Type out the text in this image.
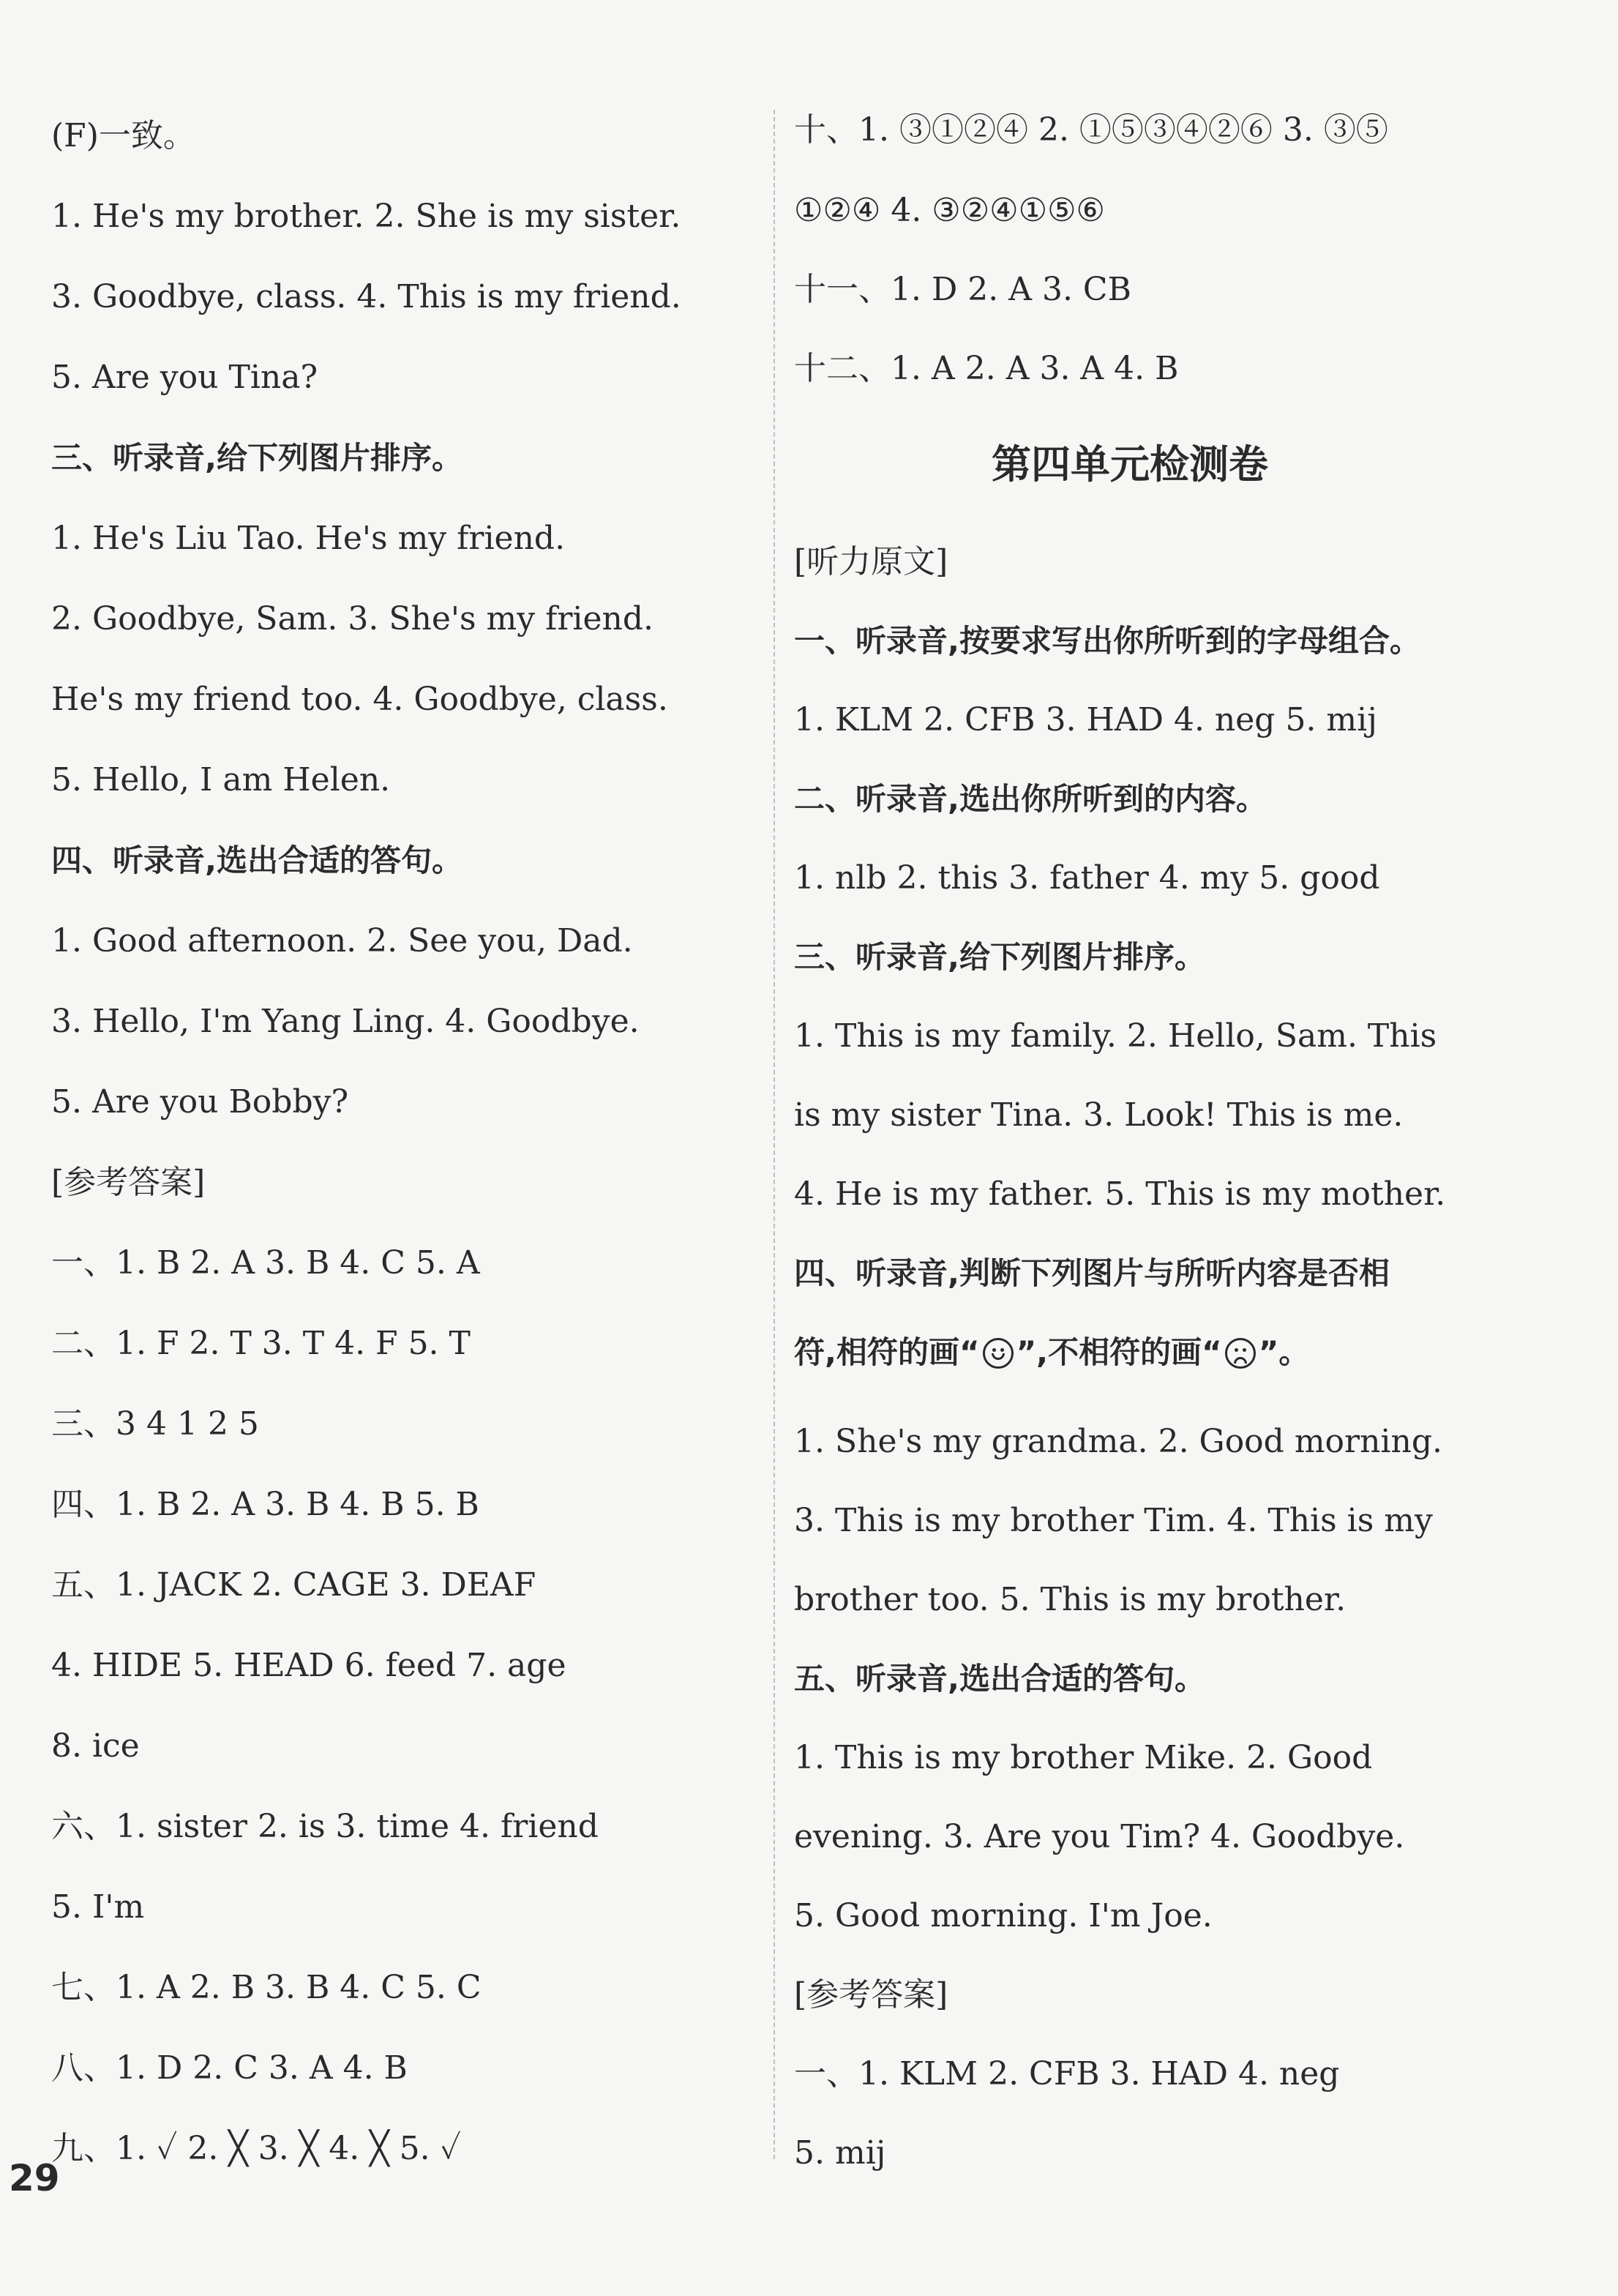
(F)一致。
1. He's my brother. 2. She is my sister.
3. Goodbye, class. 4. This is my friend.
5. Are you Tina?
三、听录音,给下列图片排序。
1. He's Liu Tao. He's my friend.
2. Goodbye, Sam. 3. She's my friend.
He's my friend too. 4. Goodbye, class.
5. Hello, I am Helen.
四、听录音,选出合适的答句。
1. Good afternoon. 2. See you, Dad.
3. Hello, I'm Yang Ling. 4. Goodbye.
5. Are you Bobby?
[参考答案]
一、1. B 2. A 3. B 4. C 5. A
二、1. F 2. T 3. T 4. F 5. T
三、3 4 1 2 5
四、1. B 2. A 3. B 4. B 5. B
五、1. JACK 2. CAGE 3. DEAF
4. HIDE 5. HEAD 6. feed 7. age
8. ice
六、1. sister 2. is 3. time 4. friend
5. I'm
七、1. A 2. B 3. B 4. C 5. C
八、1. D 2. C 3. A 4. B
九、1. ✓ 2. ╳ 3. ╳ 4. ╳ 5. ✓
十、1. ③①②④ 2. ①⑤③④②⑥ 3. ③⑤
①②④ 4. ③②④①⑤⑥
十一、1. D 2. A 3. CB
十二、1. A 2. A 3. A 4. B
第四单元检测卷
[听力原文]
一、听录音,按要求写出你所听到的字母组合。
1. KLM 2. CFB 3. HAD 4. neg 5. mij
二、听录音,选出你所听到的内容。
1. nlb 2. this 3. father 4. my 5. good
三、听录音,给下列图片排序。
1. This is my family. 2. Hello, Sam. This
is my sister Tina. 3. Look! This is me.
4. He is my father. 5. This is my mother.
四、听录音,判断下列图片与所听内容是否相
符,相符的画“ ”,不相符的画“ ”。
1. She's my grandma. 2. Good morning.
3. This is my brother Tim. 4. This is my
brother too. 5. This is my brother.
五、听录音,选出合适的答句。
1. This is my brother Mike. 2. Good
evening. 3. Are you Tim? 4. Goodbye.
5. Good morning. I'm Joe.
[参考答案]
一、1. KLM 2. CFB 3. HAD 4. neg
5. mij
29
